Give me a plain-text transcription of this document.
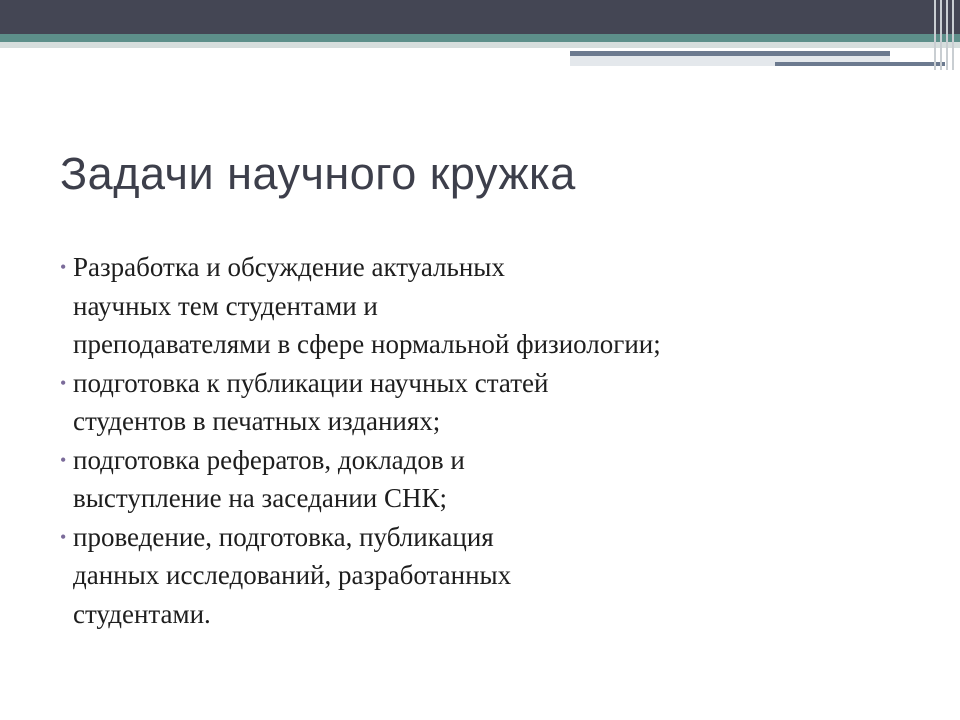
Задачи научного кружка
• Разработка и обсуждение актуальных
научных тем студентами и
преподавателями в сфере нормальной физиологии;
• подготовка к публикации научных статей
студентов в печатных изданиях;
• подготовка рефератов, докладов и
выступление на заседании СНК;
• проведение, подготовка, публикация
данных исследований, разработанных
студентами.
